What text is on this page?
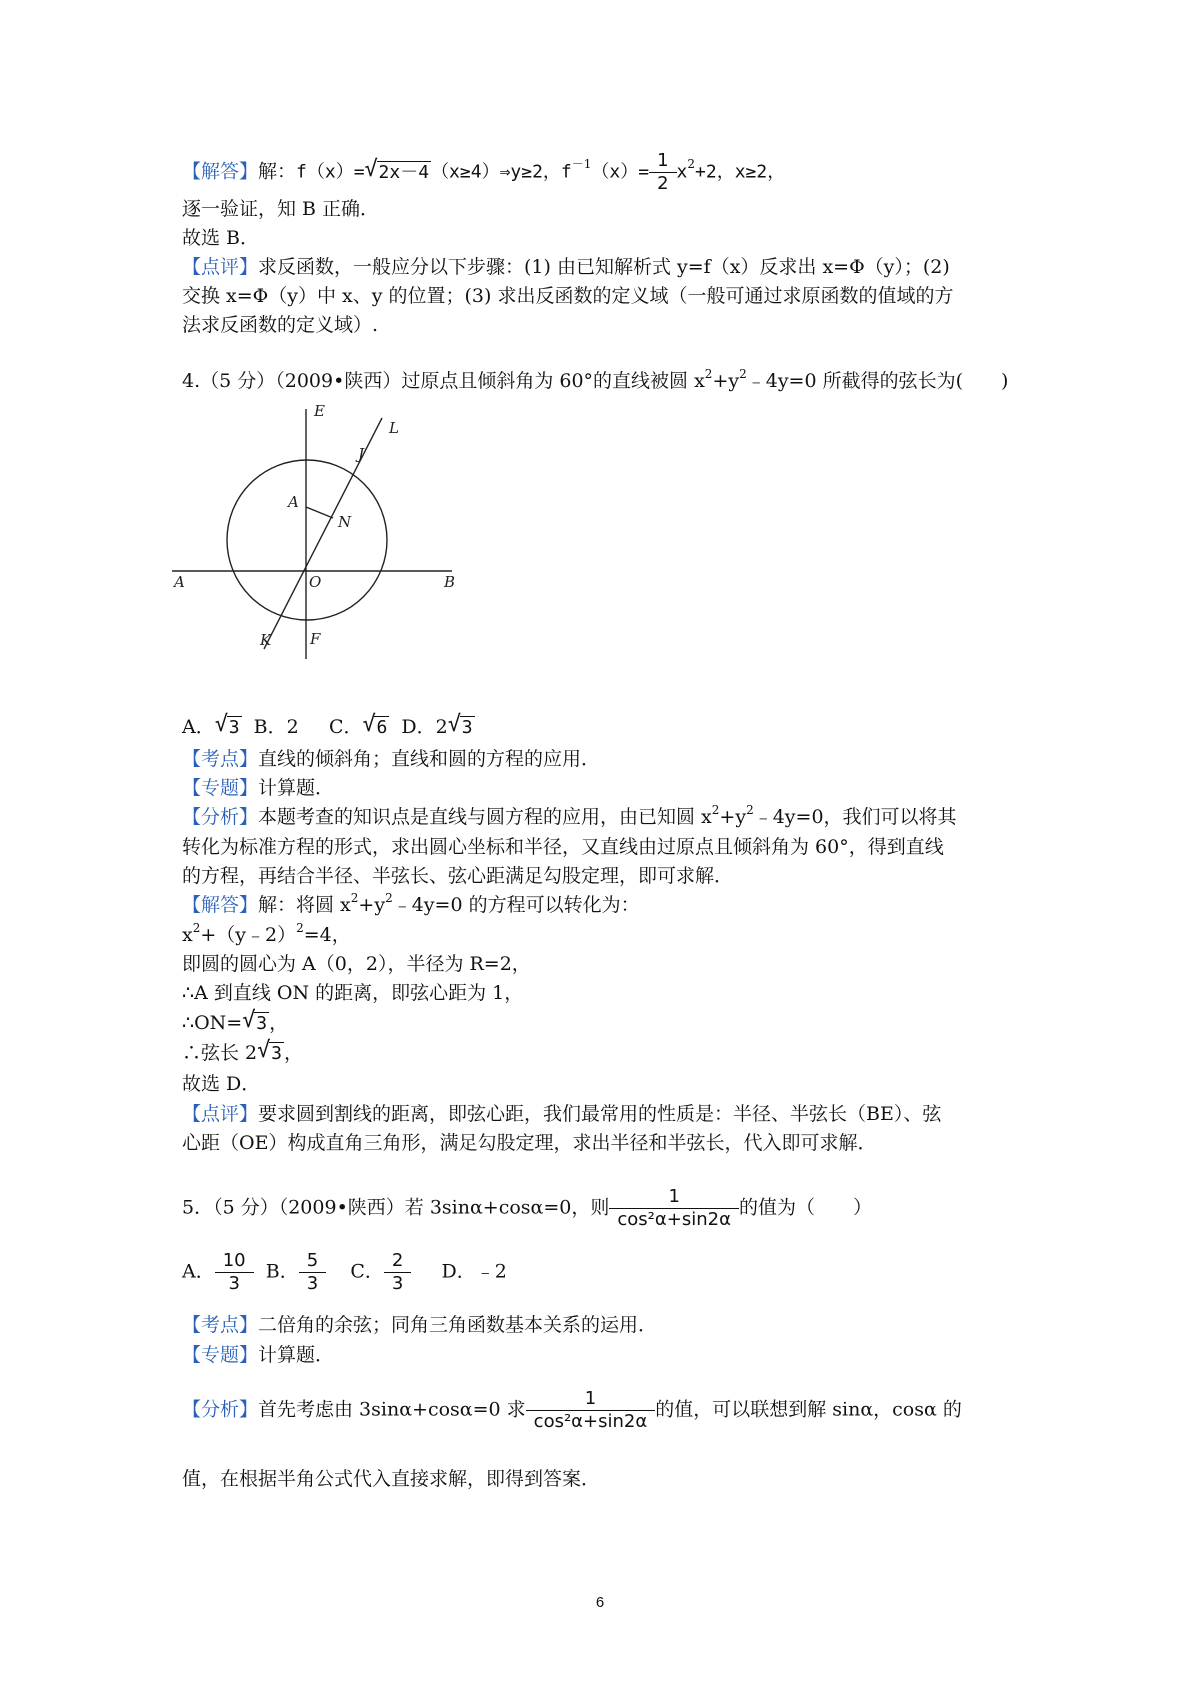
【解答】解：f（x）= √ 2x－4 （x≥4）⇒y≥2，$f^{-1}(x)= \frac{1}{2} x^2+2$，x≥2，
逐一验证，知 B 正确．
故选 B．
【点评】求反函数，一般应分以下步骤：(1) 由已知解析式 y=f（x）反求出 x=Φ（y）；(2)
交换 x=Φ（y）中 x、y 的位置；(3) 求出反函数的定义域（一般可通过求原函数的值域的方
法求反函数的定义域）.
4.（5 分）（2009•陕西）过原点且倾斜角为 60°的直线被圆 $x^2+y^2﹣4y=0$ 所截得的弦长为(　　)
E
L
J
A
N
A	O	B
K	F
A． √ 3 B．2 C． √ 6 D．2 √ 3
【考点】直线的倾斜角；直线和圆的方程的应用．
【专题】计算题．
【分析】本题考查的知识点是直线与圆方程的应用，由已知圆 $x^2+y^2﹣4y=0$，我们可以将其
转化为标准方程的形式，求出圆心坐标和半径，又直线由过原点且倾斜角为 60°，得到直线
的方程，再结合半径、半弦长、弦心距满足勾股定理，即可求解．
【解答】解：将圆 $x^2+y^2﹣4y=0$ 的方程可以转化为：
$x^2+(y﹣2)^2=4$，
即圆的圆心为 A（0，2），半径为 R=2，
∴A 到直线 ON 的距离，即弦心距为 1，
∴ON= √ 3 ，
∴弦长 2 √ 3 ，
故选 D．
【点评】要求圆到割线的距离，即弦心距，我们最常用的性质是：半径、半弦长（BE）、弦
心距（OE）构成直角三角形，满足勾股定理，求出半径和半弦长，代入即可求解．
5．（5 分）（2009•陕西）若 3sinα+cosα=0，则 $\frac{1}{\text{cos²α+sin2α}}$ 的值为（　　）
A． $\frac{10}{3}$ B． $\frac{5}{3}$ C． $\frac{2}{3}$ D．﹣2
【考点】二倍角的余弦；同角三角函数基本关系的运用．
【专题】计算题．
【分析】首先考虑由 3sinα+cosα=0 求 $\frac{1}{\text{cos²α+sin2α}}$ 的值，可以联想到解 sinα，cosα 的
值，在根据半角公式代入直接求解，即得到答案．
6
